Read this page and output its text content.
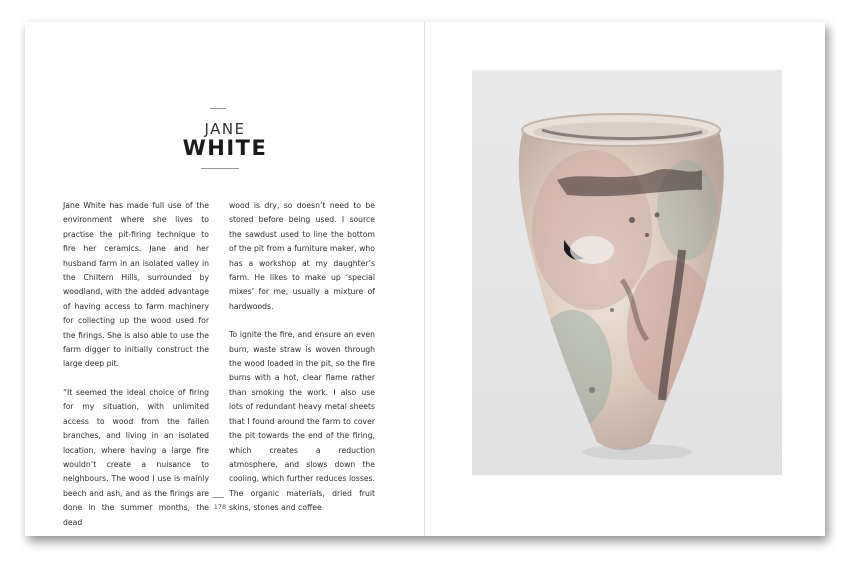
JANE
WHITE

Jane White has made full use of the environment where she lives to practise the pit-firing technique to fire her ceramics. Jane and her husband farm in an isolated valley in the Chiltern Hills, surrounded by woodland, with the added advantage of having access to farm machinery for collecting up the wood used for the firings. She is also able to use the farm digger to initially construct the large deep pit.

“It seemed the ideal choice of firing for my situation, with unlimited access to wood from the fallen branches, and living in an isolated location, where having a large fire wouldn’t create a nuisance to neighbours. The wood I use is mainly beech and ash, and as the firings are done in the summer months, the dead

wood is dry, so doesn’t need to be stored before being used. I source the sawdust used to line the bottom of the pit from a furniture maker, who has a workshop at my daughter’s farm. He likes to make up ‘special mixes’ for me, usually a mixture of hardwoods.

To ignite the fire, and ensure an even burn, waste straw is woven through the wood loaded in the pit, so the fire burns with a hot, clear flame rather than smoking the work. I also use lots of redundant heavy metal sheets that I found around the farm to cover the pit towards the end of the firing, which creates a reduction atmosphere, and slows down the cooling, which further reduces losses. The organic materials, dried fruit skins, stones and coffee

178
